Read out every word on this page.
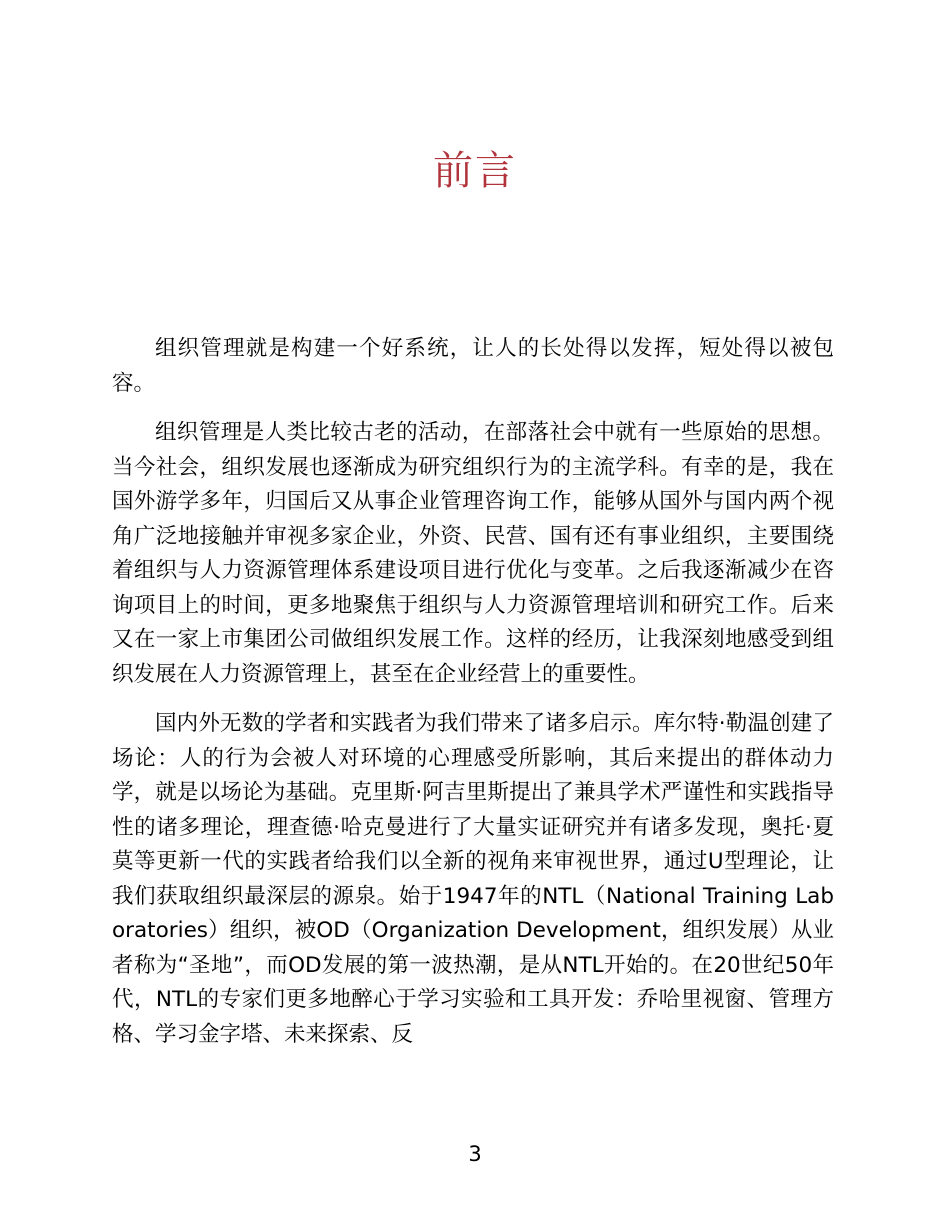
前言

组织管理就是构建一个好系统，让人的长处得以发挥，短处得以被包容。

组织管理是人类比较古老的活动，在部落社会中就有一些原始的思想。当今社会，组织发展也逐渐成为研究组织行为的主流学科。有幸的是，我在国外游学多年，归国后又从事企业管理咨询工作，能够从国外与国内两个视角广泛地接触并审视多家企业，外资、民营、国有还有事业组织，主要围绕着组织与人力资源管理体系建设项目进行优化与变革。之后我逐渐减少在咨询项目上的时间，更多地聚焦于组织与人力资源管理培训和研究工作。后来又在一家上市集团公司做组织发展工作。这样的经历，让我深刻地感受到组织发展在人力资源管理上，甚至在企业经营上的重要性。

国内外无数的学者和实践者为我们带来了诸多启示。库尔特·勒温创建了场论：人的行为会被人对环境的心理感受所影响，其后来提出的群体动力学，就是以场论为基础。克里斯·阿吉里斯提出了兼具学术严谨性和实践指导性的诸多理论，理查德·哈克曼进行了大量实证研究并有诸多发现，奥托·夏莫等更新一代的实践者给我们以全新的视角来审视世界，通过U型理论，让我们获取组织最深层的源泉。始于1947年的NTL（National Training Laboratories）组织，被OD（Organization Development，组织发展）从业者称为“圣地”，而OD发展的第一波热潮，是从NTL开始的。在20世纪50年代，NTL的专家们更多地醉心于学习实验和工具开发：乔哈里视窗、管理方格、学习金字塔、未来探索、反

3
